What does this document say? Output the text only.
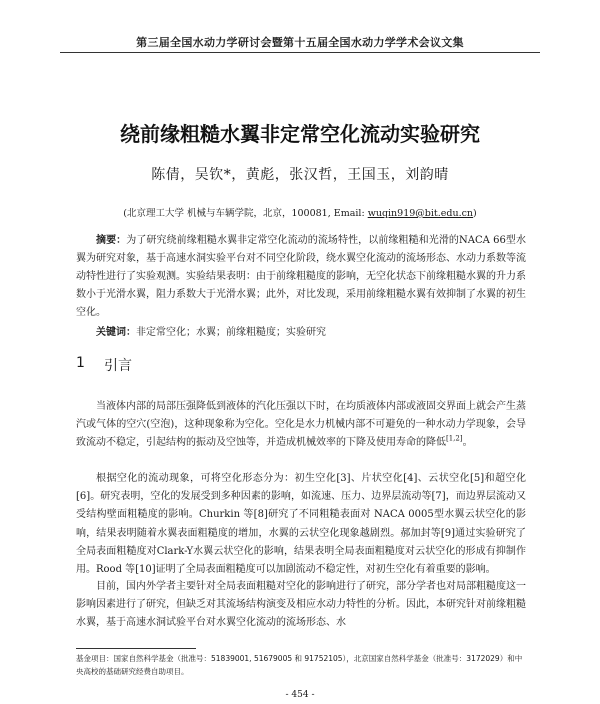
第三届全国水动力学研讨会暨第十五届全国水动力学学术会议文集
绕前缘粗糙水翼非定常空化流动实验研究
陈倩，吴钦*，黄彪，张汉哲，王国玉，刘韵晴
(北京理工大学 机械与车辆学院，北京，100081, Email: wuqin919@bit.edu.cn)
摘要：为了研究绕前缘粗糙水翼非定常空化流动的流场特性，以前缘粗糙和光滑的NACA 66型水翼为研究对象，基于高速水洞实验平台对不同空化阶段，绕水翼空化流动的流场形态、水动力系数等流动特性进行了实验观测。实验结果表明：由于前缘粗糙度的影响，无空化状态下前缘粗糙水翼的升力系数小于光滑水翼，阻力系数大于光滑水翼；此外，对比发现，采用前缘粗糙水翼有效抑制了水翼的初生空化。
关键词：非定常空化；水翼；前缘粗糙度；实验研究
1 引言
当液体内部的局部压强降低到液体的汽化压强以下时，在均质液体内部或液固交界面上就会产生蒸汽或气体的空穴(空泡)，这种现象称为空化。空化是水力机械内部不可避免的一种水动力学现象，会导致流动不稳定，引起结构的振动及空蚀等，并造成机械效率的下降及使用寿命的降低[1,2]。
根据空化的流动现象，可将空化形态分为：初生空化[3]、片状空化[4]、云状空化[5]和超空化[6]。研究表明，空化的发展受到多种因素的影响，如流速、压力、边界层流动等[7]，而边界层流动又受结构壁面粗糙度的影响。Churkin 等[8]研究了不同粗糙表面对 NACA 0005型水翼云状空化的影响，结果表明随着水翼表面粗糙度的增加，水翼的云状空化现象越剧烈。郝加封等[9]通过实验研究了全局表面粗糙度对Clark-Y水翼云状空化的影响，结果表明全局表面粗糙度对云状空化的形成有抑制作用。Rood 等[10]证明了全局表面粗糙度可以加剧流动不稳定性，对初生空化有着重要的影响。
目前，国内外学者主要针对全局表面粗糙对空化的影响进行了研究，部分学者也对局部粗糙度这一影响因素进行了研究，但缺乏对其流场结构演变及相应水动力特性的分析。因此，本研究针对前缘粗糙水翼，基于高速水洞试验平台对水翼空化流动的流场形态、水
基金项目：国家自然科学基金（批准号：51839001, 51679005 和 91752105），北京国家自然科学基金（批准号：3172029）和中央高校的基础研究经费自助项目。
- 454 -
